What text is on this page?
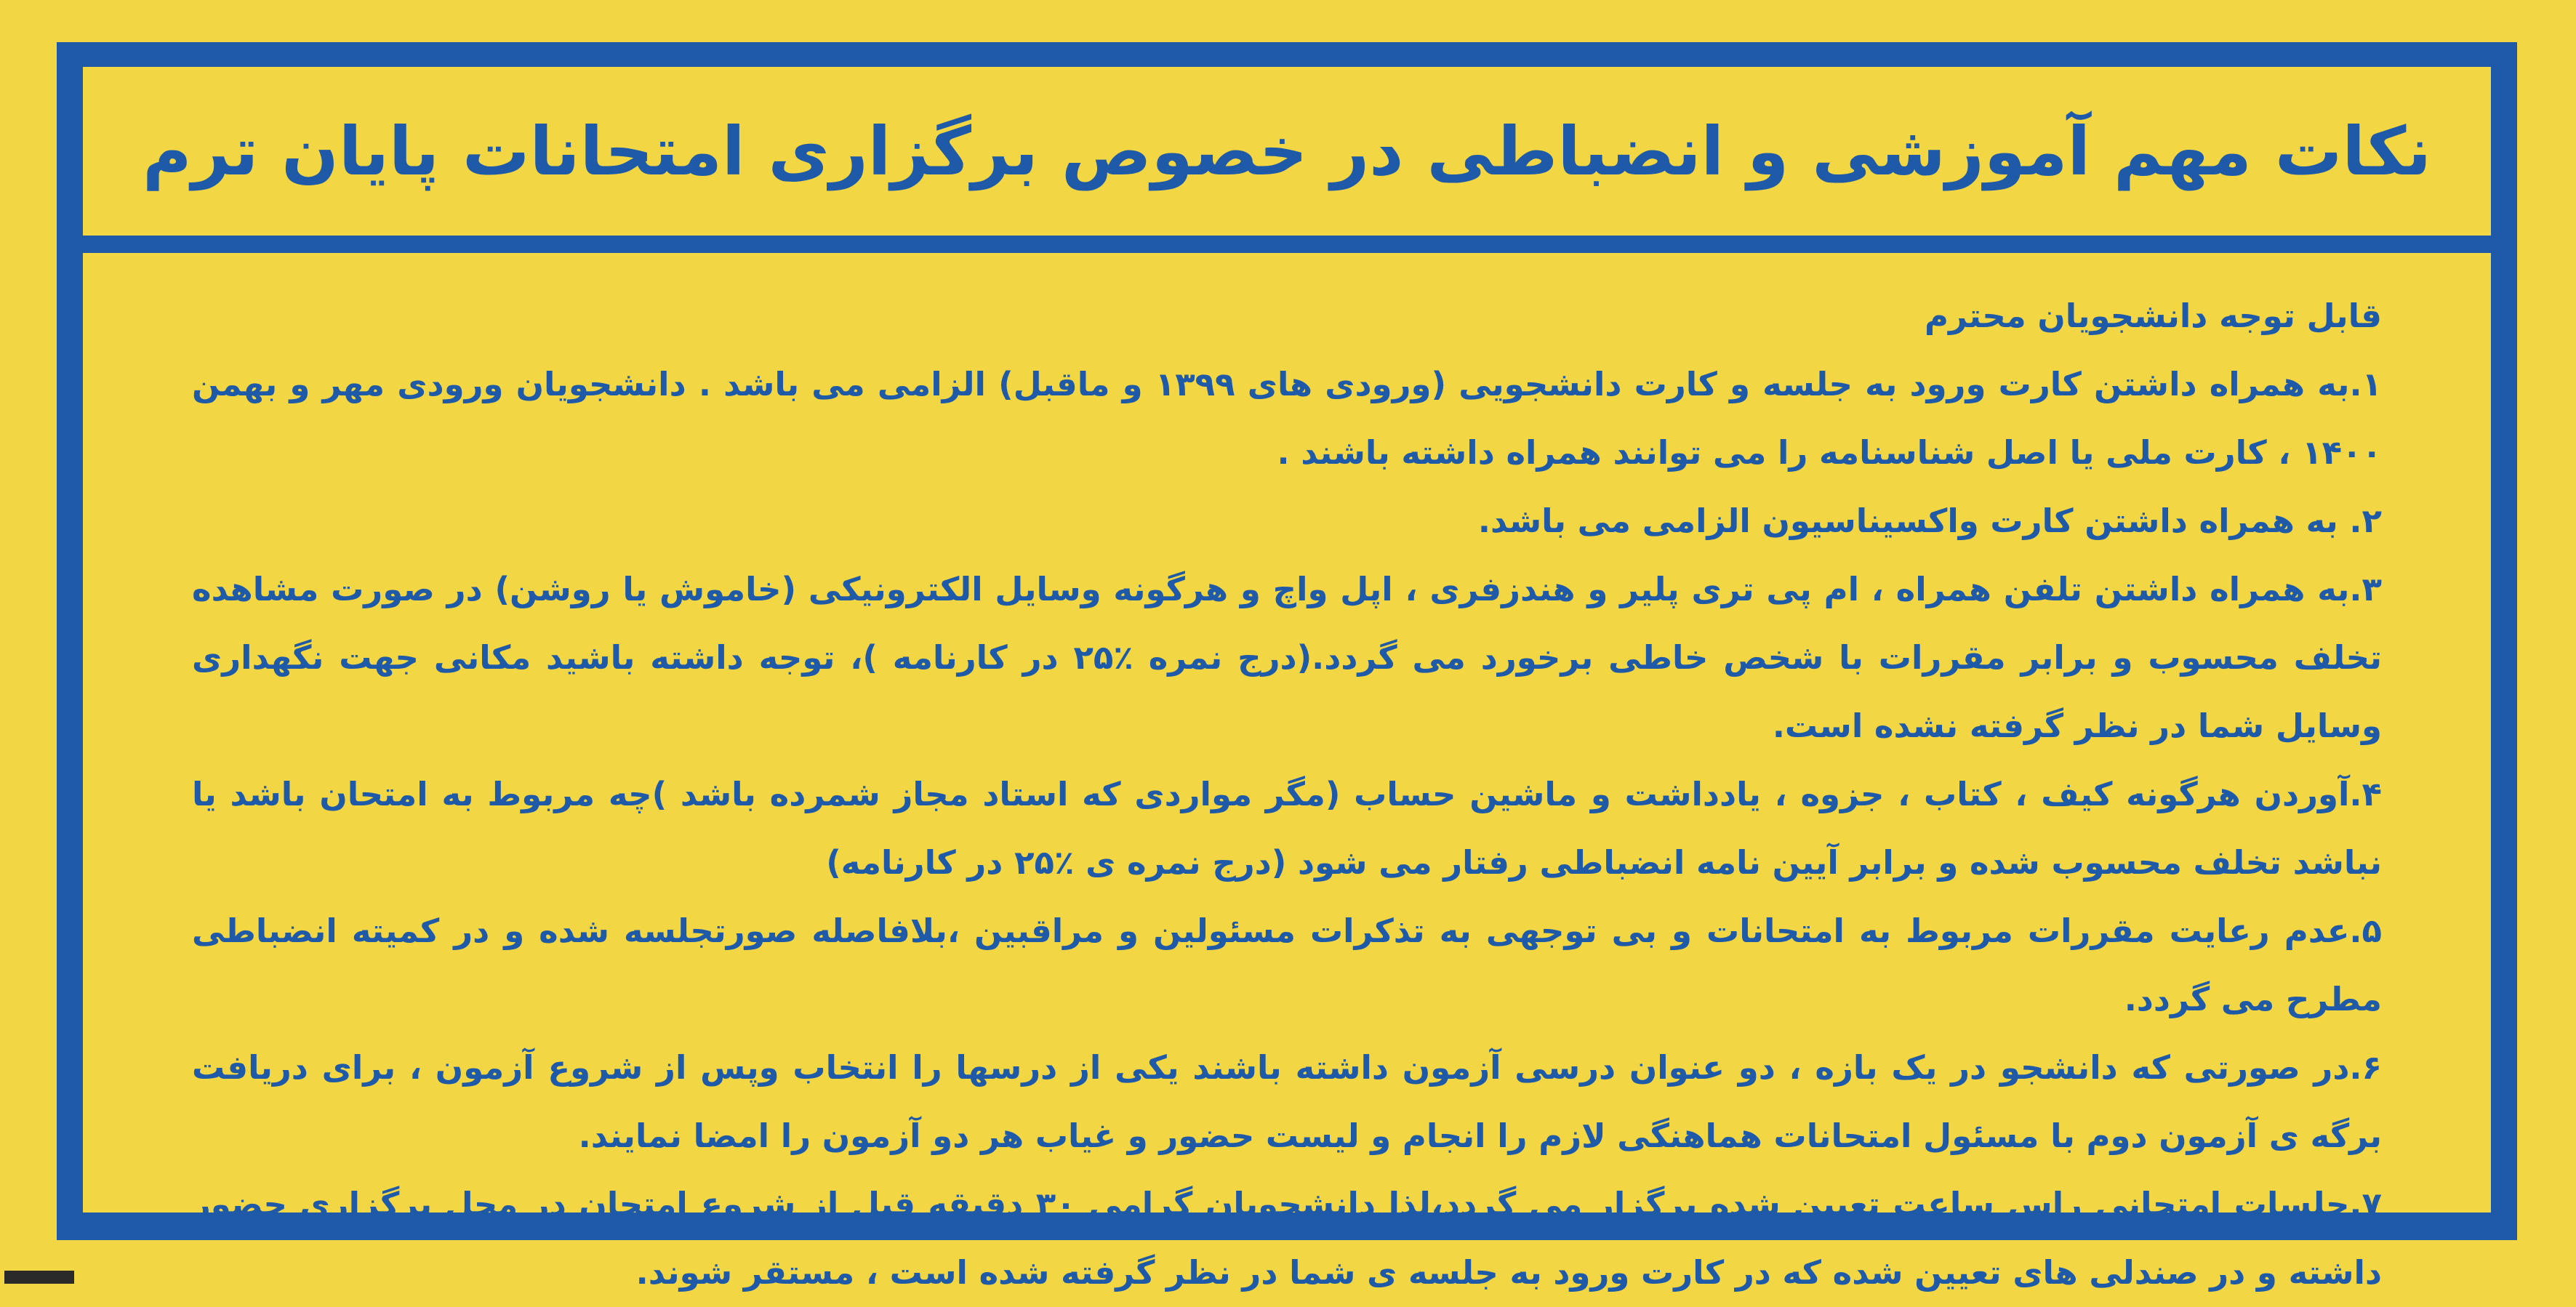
نکات مهم آموزشی و انضباطی در خصوص برگزاری امتحانات پایان ترم

قابل توجه دانشجویان محترم

۱.به همراه داشتن کارت ورود به جلسه و کارت دانشجویی (ورودی های ۱۳۹۹ و ماقبل) الزامی می باشد . دانشجویان ورودی مهر و بهمن ۱۴۰۰ ، کارت ملی یا اصل شناسنامه را می توانند همراه داشته باشند .

۲. به همراه داشتن کارت واکسیناسیون الزامی می باشد.

۳.به همراه داشتن تلفن همراه ، ام پی تری پلیر و هندزفری ، اپل واچ و هرگونه وسایل الکترونیکی (خاموش یا روشن) در صورت مشاهده تخلف محسوب و برابر مقررات با شخص خاطی برخورد می گردد.(درج نمره ٪۲۵ در کارنامه )، توجه داشته باشید مکانی جهت نگهداری وسایل شما در نظر گرفته نشده است.

۴.آوردن هرگونه کیف ، کتاب ، جزوه ، یادداشت و ماشین حساب (مگر مواردی که استاد مجاز شمرده باشد )چه مربوط به امتحان باشد یا نباشد تخلف محسوب شده و برابر آیین نامه انضباطی رفتار می شود (درج نمره ی ٪۲۵ در کارنامه)

۵.عدم رعایت مقررات مربوط به امتحانات و بی توجهی به تذکرات مسئولین و مراقبین ،بلافاصله صورتجلسه شده و در کمیته انضباطی مطرح می گردد.

۶.در صورتی که دانشجو در یک بازه ، دو عنوان درسی آزمون داشته باشند یکی از درسها را انتخاب وپس از شروع آزمون ، برای دریافت برگه ی آزمون دوم با مسئول امتحانات هماهنگی لازم را انجام و لیست حضور و غیاب هر دو آزمون را امضا نمایند.

۷.جلسات امتحانی راس ساعت تعیین شده برگزار می گردد،لذا دانشجویان گرامی ۳۰ دقیقه قبل از شروع امتحان در محل برگزاری حضور داشته و در صندلی های تعیین شده که در کارت ورود به جلسه ی شما در نظر گرفته شده است ، مستقر شوند.
